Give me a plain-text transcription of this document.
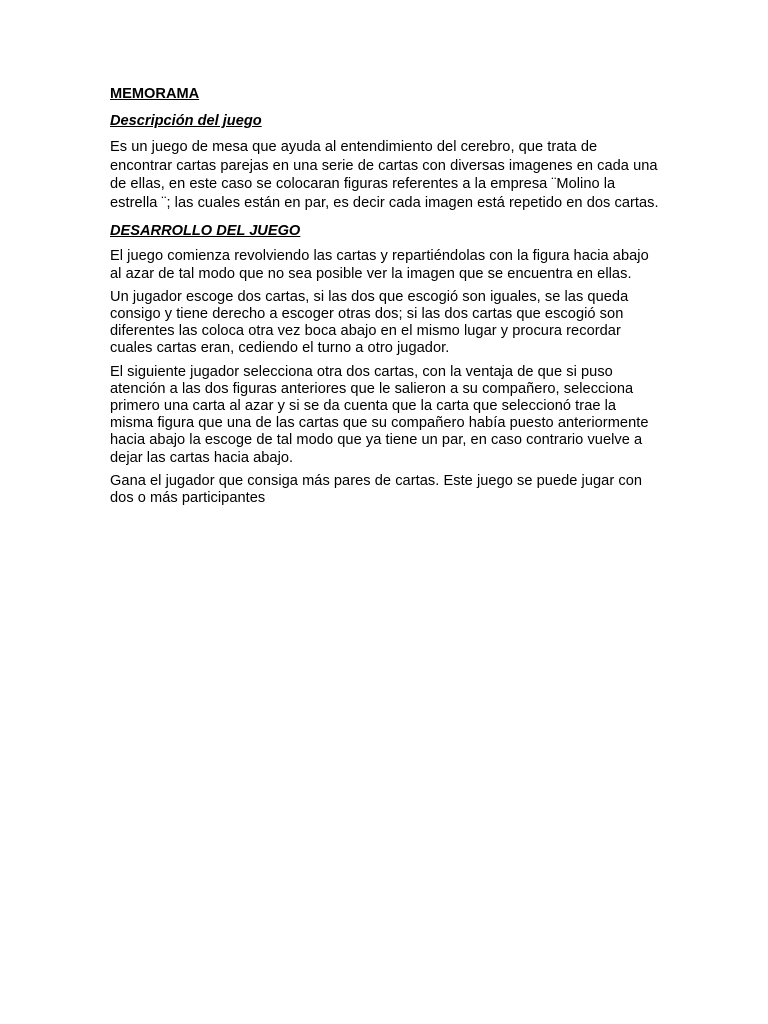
MEMORAMA
Descripción del juego

Es un juego de mesa que ayuda al entendimiento del cerebro, que trata de encontrar cartas parejas en una serie de cartas con diversas imagenes en cada una de ellas, en este caso se colocaran figuras referentes a la empresa ¨Molino la estrella ¨; las cuales están en par, es decir cada imagen está repetido en dos cartas.

DESARROLLO DEL JUEGO

El juego comienza revolviendo las cartas y repartiéndolas con la figura hacia abajo al azar de tal modo que no sea posible ver la imagen que se encuentra en ellas.

Un jugador escoge dos cartas, si las dos que escogió son iguales, se las queda consigo y tiene derecho a escoger otras dos; si las dos cartas que escogió son diferentes las coloca otra vez boca abajo en el mismo lugar y procura recordar cuales cartas eran, cediendo el turno a otro jugador.

El siguiente jugador selecciona otra dos cartas, con la ventaja de que si puso atención a las dos figuras anteriores que le salieron a su compañero, selecciona primero una carta al azar y si se da cuenta que la carta que seleccionó trae la misma figura que una de las cartas que su compañero había puesto anteriormente hacia abajo la escoge de tal modo que ya tiene un par, en caso contrario vuelve a dejar las cartas hacia abajo.

Gana el jugador que consiga más pares de cartas. Este juego se puede jugar con dos o más participantes
